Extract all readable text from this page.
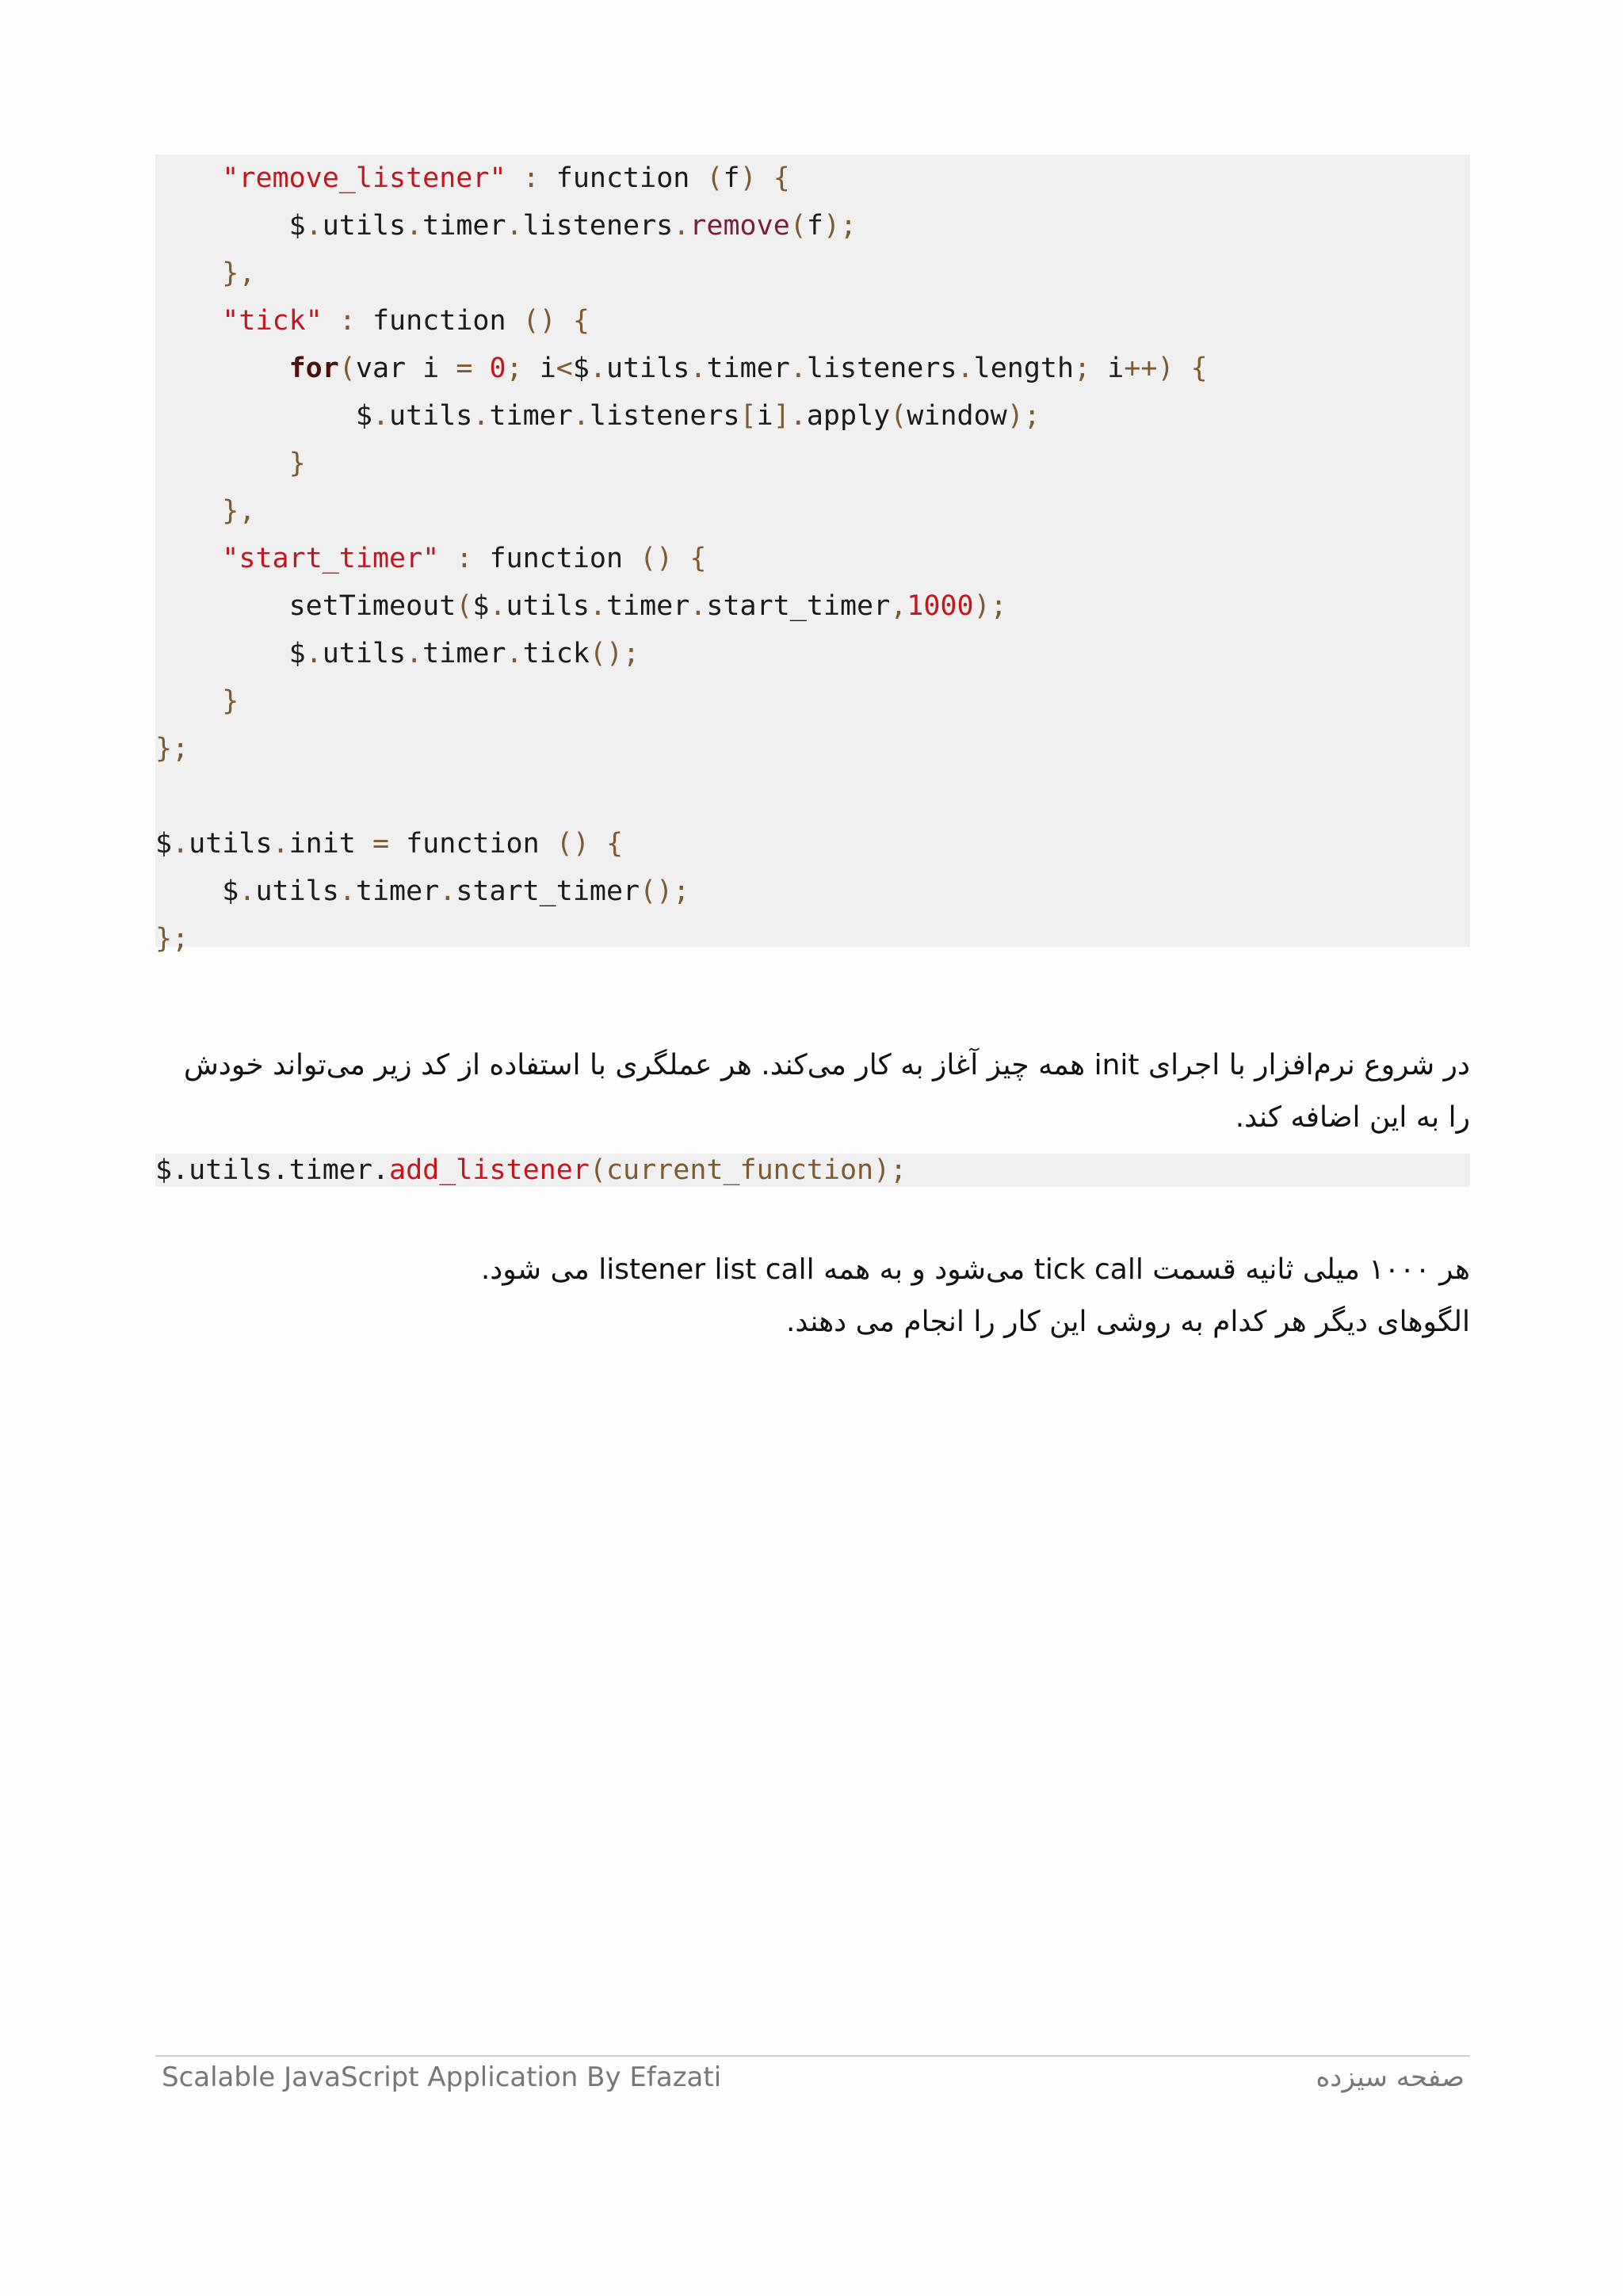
"remove_listener" : function (f) {
$.utils.timer.listeners.remove(f);
},
"tick" : function () {
for(var i = 0; i<$.utils.timer.listeners.length; i++) {
$.utils.timer.listeners[i].apply(window);
}
},
"start_timer" : function () {
setTimeout($.utils.timer.start_timer,1000);
$.utils.timer.tick();
}
};
$.utils.init = function () {
$.utils.timer.start_timer();
};

در شروع نرم‌افزار با اجرای init همه چیز آغاز به کار می‌کند. هر عملگری با استفاده از کد زیر می‌تواند خودش را به این اضافه کند.

$.utils.timer.add_listener(current_function);

هر ۱۰۰۰ میلی ثانیه قسمت tick call می‌شود و به همه listener list call می شود.

الگوهای دیگر هر کدام به روشی این کار را انجام می دهند.

Scalable JavaScript Application By Efazati	صفحه سیزده
